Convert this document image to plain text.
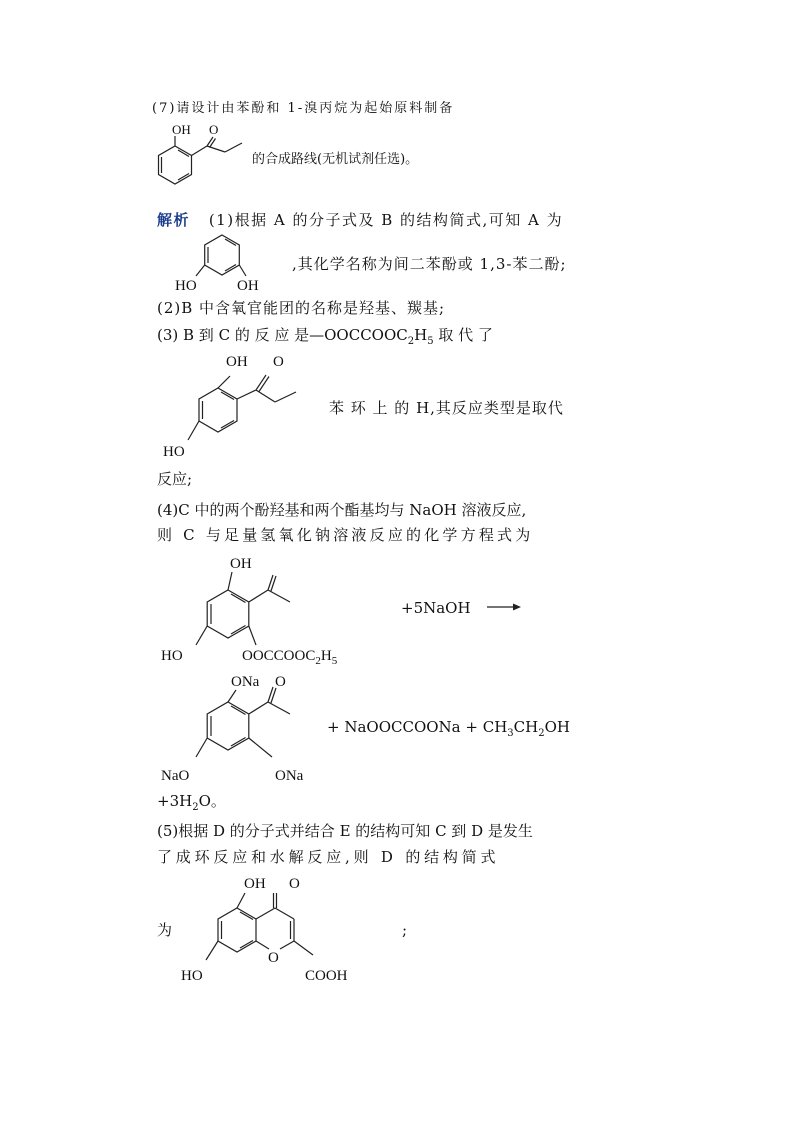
(7)请设计由苯酚和 1-溴丙烷为起始原料制备
OH O
的合成路线(无机试剂任选)。
解析 (1)根据 A 的分子式及 B 的结构简式,可知 A 为
HO	OH
,其化学名称为间二苯酚或 1,3-苯二酚;
(2)B 中含氧官能团的名称是羟基、羰基;
(3) B 到 C 的 反 应 是$—OOCCOOC_2H_5$ 取 代 了
OH O
HO
苯 环 上 的 H,其反应类型是取代
反应;
(4)C 中的两个酚羟基和两个酯基均与 NaOH 溶液反应,
则 C 与足量氢氧化钠溶液反应的化学方程式为
OH
HO	$OOCCOOC_2H_5$
+5NaOH
ONa O
NaO	ONa
+ NaOOCCOONa + $CH_3CH_2OH$
$+3H_2O$。
(5)根据 D 的分子式并结合 E 的结构可知 C 到 D 是发生
了成环反应和水解反应,则 D 的结构简式
为
OH O
O
HO	COOH
;
